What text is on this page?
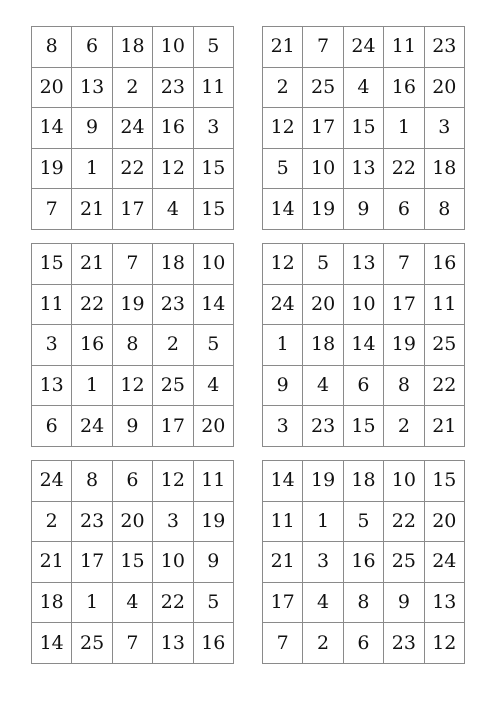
8	6	18	10	5
20	13	2	23	11
14	9	24	16	3
19	1	22	12	15
7	21	17	4	15
21	7	24	11	23
2	25	4	16	20
12	17	15	1	3
5	10	13	22	18
14	19	9	6	8
15	21	7	18	10
11	22	19	23	14
3	16	8	2	5
13	1	12	25	4
6	24	9	17	20
12	5	13	7	16
24	20	10	17	11
1	18	14	19	25
9	4	6	8	22
3	23	15	2	21
24	8	6	12	11
2	23	20	3	19
21	17	15	10	9
18	1	4	22	5
14	25	7	13	16
14	19	18	10	15
11	1	5	22	20
21	3	16	25	24
17	4	8	9	13
7	2	6	23	12
